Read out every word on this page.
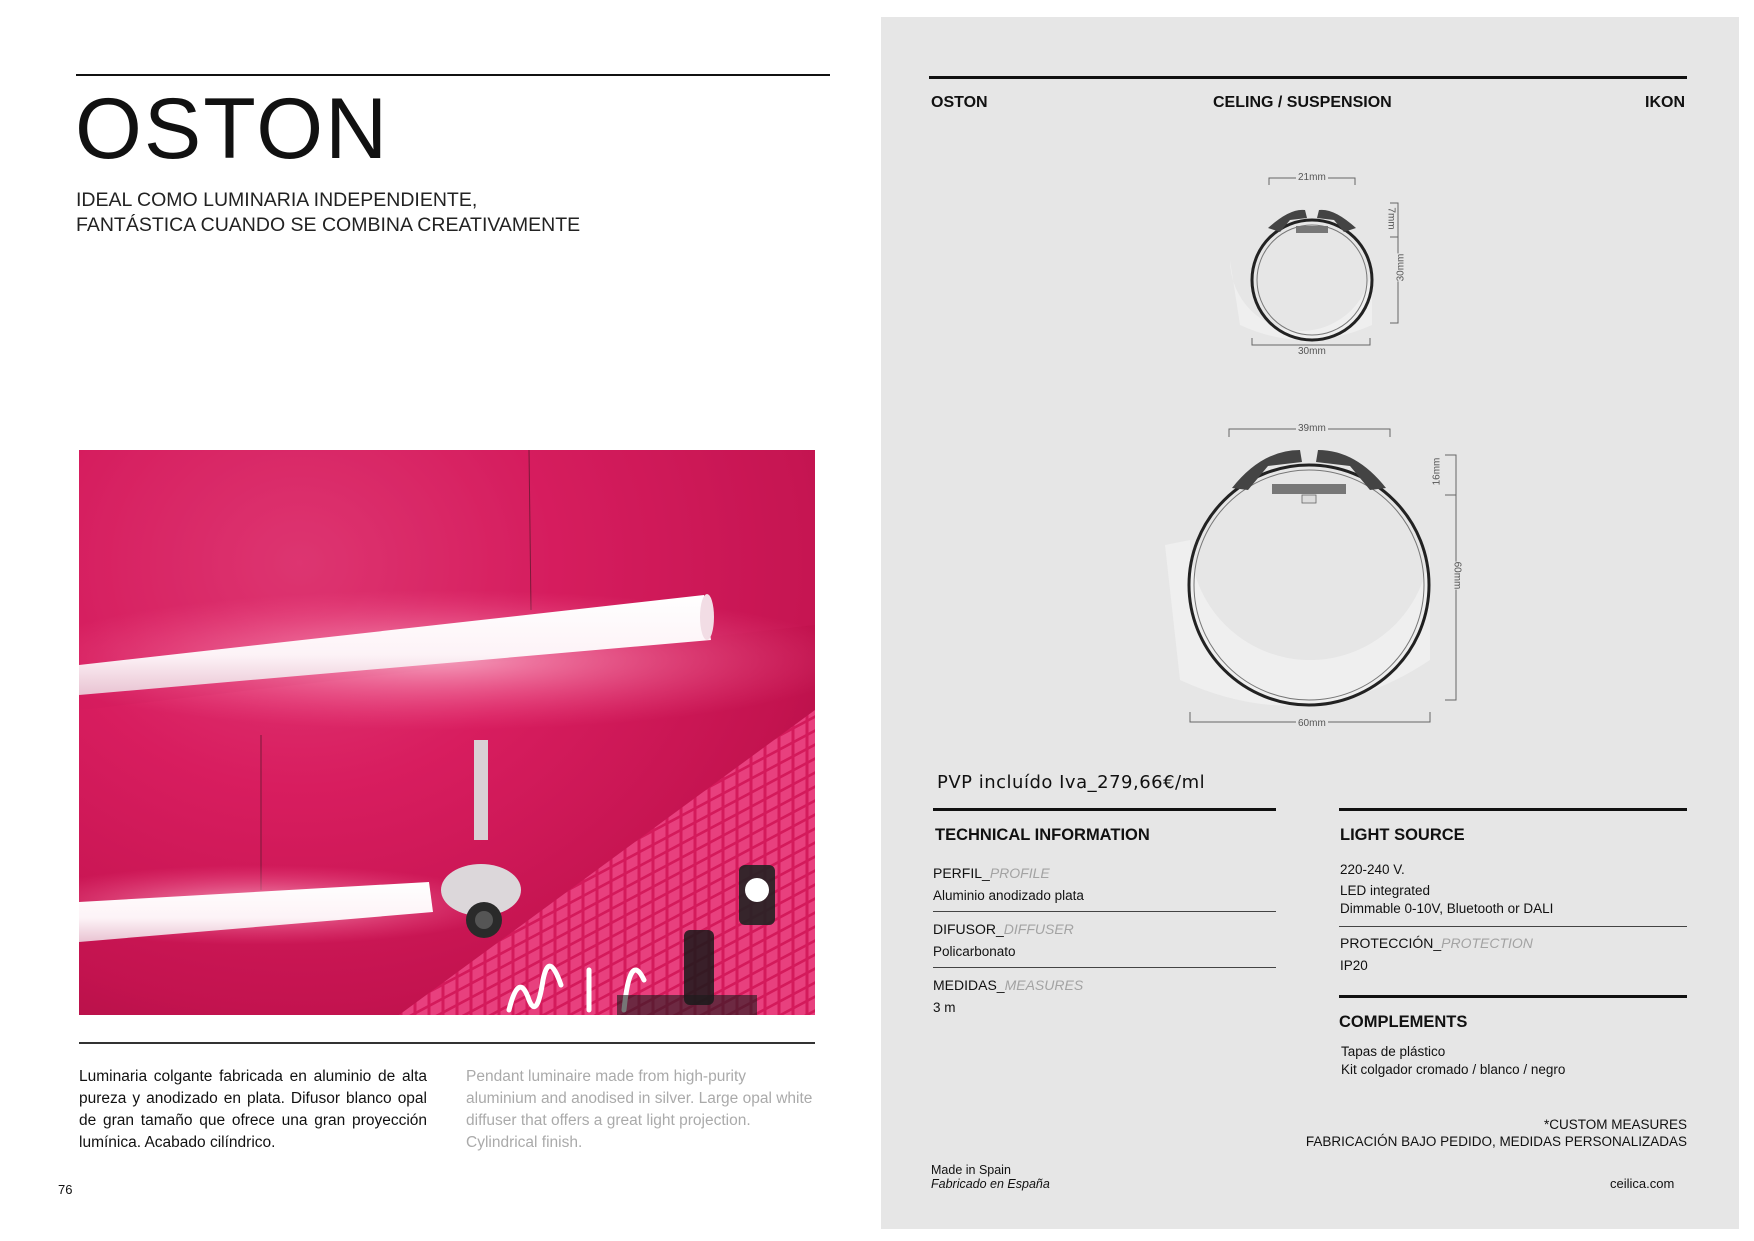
OSTON
IDEAL COMO LUMINARIA INDEPENDIENTE,
FANTÁSTICA CUANDO SE COMBINA CREATIVAMENTE
Luminaria colgante fabricada en aluminio de alta pureza y anodizado en plata. Difusor blanco opal de gran tamaño que ofrece una gran proyección lumínica. Acabado cilíndrico.
Pendant luminaire made from high-purity aluminium and anodised in silver. Large opal white diffuser that offers a great light projection. Cylindrical finish.
76
OSTON	CELING / SUSPENSION	IKON
21mm
7mm
30mm
30mm
39mm
16mm
60mm
60mm
PVP incluído Iva_279,66€/ml
TECHNICAL INFORMATION
PERFIL_PROFILE
Aluminio anodizado plata
DIFUSOR_DIFFUSER
Policarbonato
MEDIDAS_MEASURES
3 m
LIGHT SOURCE
220-240 V.
LED integrated
Dimmable 0-10V, Bluetooth or DALI
PROTECCIÓN_PROTECTION
IP20
COMPLEMENTS
Tapas de plástico
Kit colgador cromado / blanco / negro
*CUSTOM MEASURES
FABRICACIÓN BAJO PEDIDO, MEDIDAS PERSONALIZADAS
Made in Spain
Fabricado en España	ceilica.com
